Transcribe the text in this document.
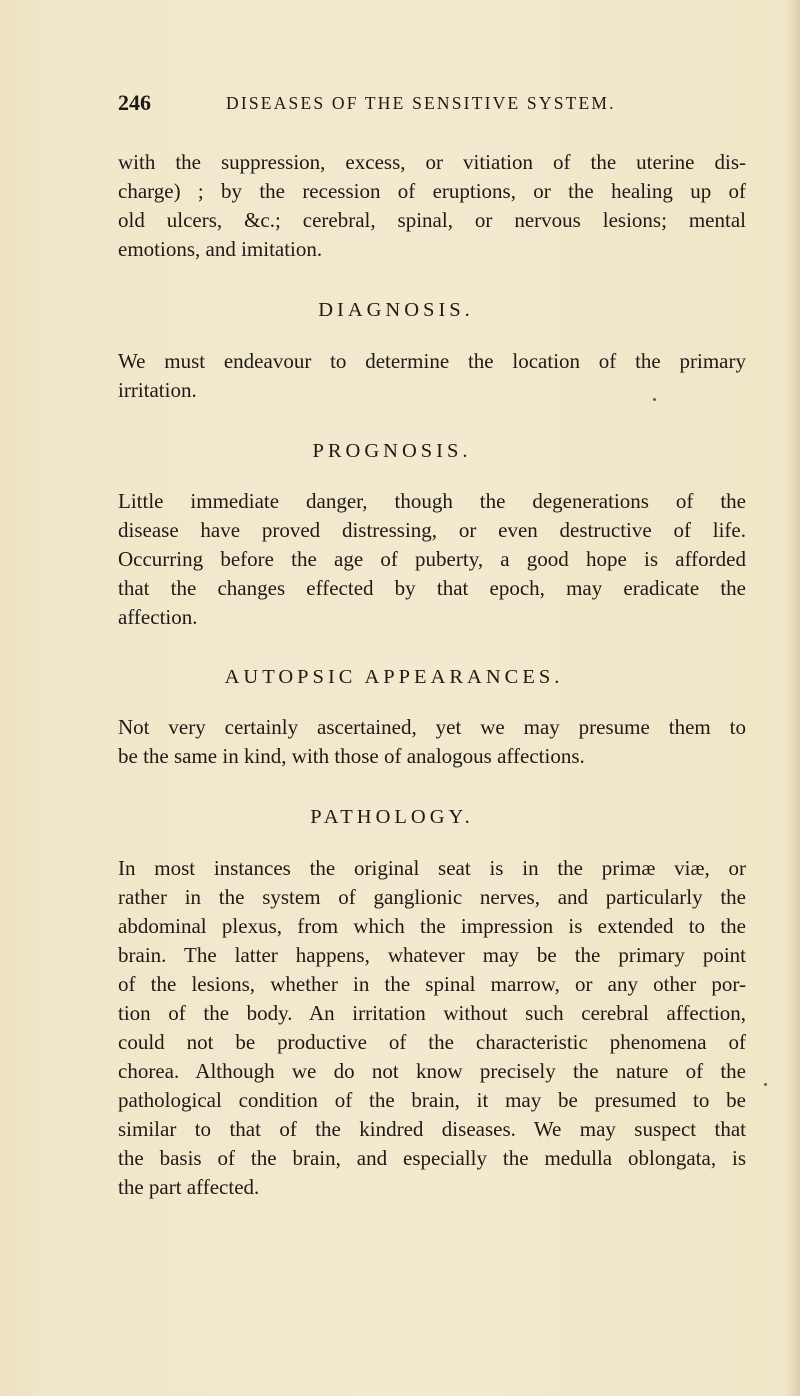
246	DISEASES OF THE SENSITIVE SYSTEM.
with the suppression, excess, or vitiation of the uterine dis-
charge) ; by the recession of eruptions, or the healing up of
old ulcers, &c.; cerebral, spinal, or nervous lesions; mental
emotions, and imitation.
DIAGNOSIS.
We must endeavour to determine the location of the primary
irritation.
PROGNOSIS.
Little immediate danger, though the degenerations of the
disease have proved distressing, or even destructive of life.
Occurring before the age of puberty, a good hope is afforded
that the changes effected by that epoch, may eradicate the
affection.
AUTOPSIC APPEARANCES.
Not very certainly ascertained, yet we may presume them to
be the same in kind, with those of analogous affections.
PATHOLOGY.
In most instances the original seat is in the primæ viæ, or
rather in the system of ganglionic nerves, and particularly the
abdominal plexus, from which the impression is extended to the
brain. The latter happens, whatever may be the primary point
of the lesions, whether in the spinal marrow, or any other por-
tion of the body. An irritation without such cerebral affection,
could not be productive of the characteristic phenomena of
chorea. Although we do not know precisely the nature of the
pathological condition of the brain, it may be presumed to be
similar to that of the kindred diseases. We may suspect that
the basis of the brain, and especially the medulla oblongata, is
the part affected.
